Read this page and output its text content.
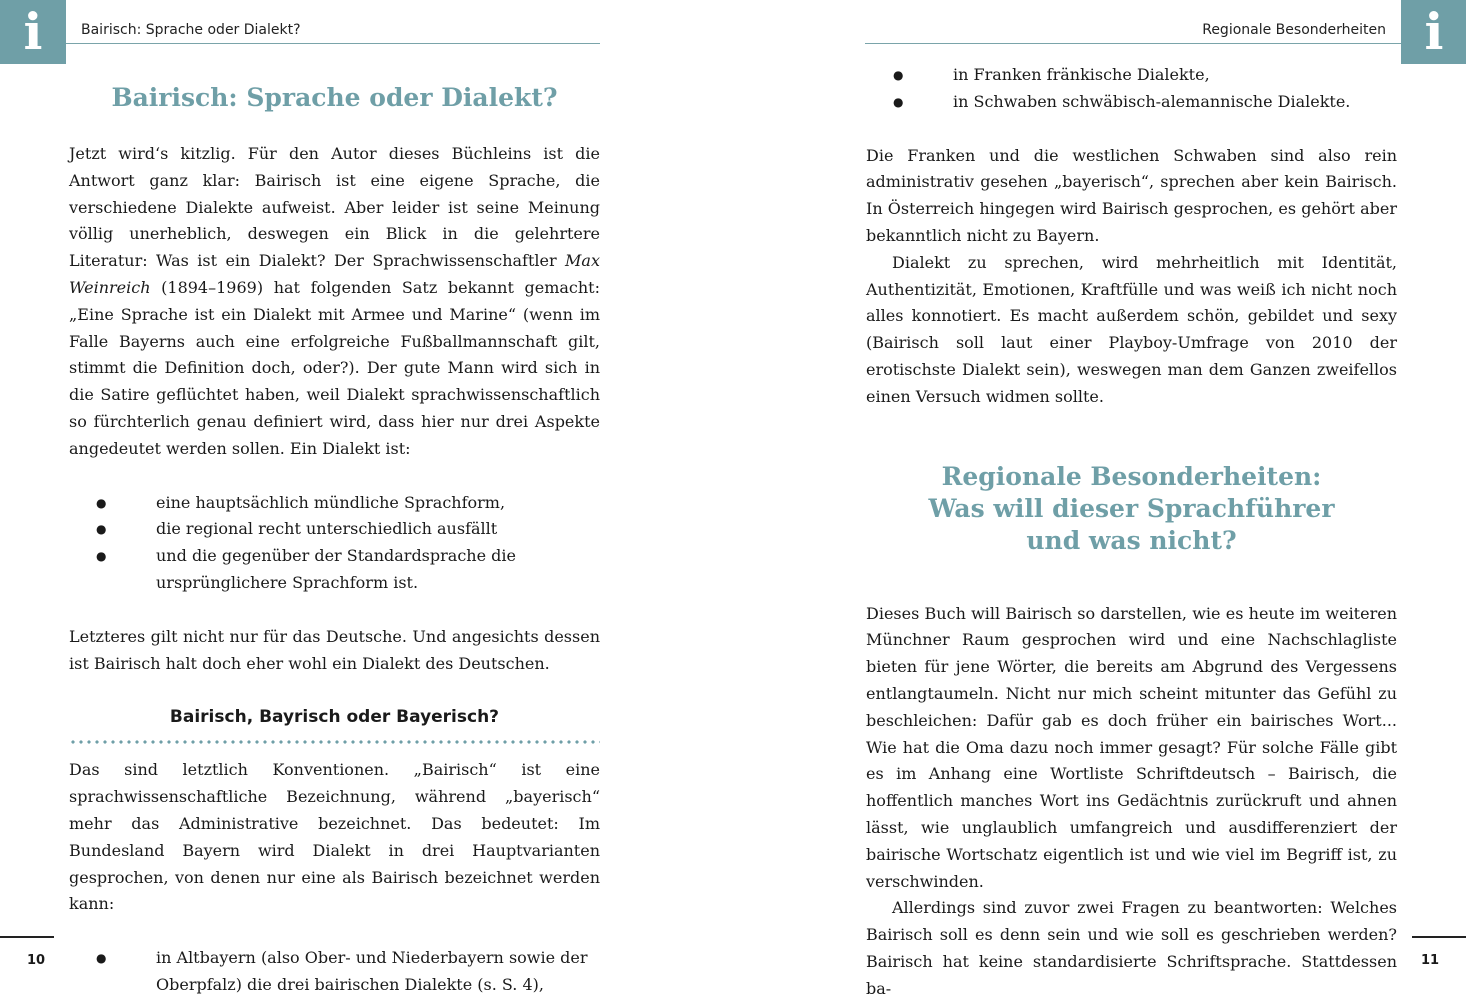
i	Bairisch: Sprache oder Dialekt?
Bairisch: Sprache oder Dialekt?

Jetzt wird‘s kitzlig. Für den Autor dieses Büchleins ist die Antwort ganz klar: Bairisch ist eine eigene Sprache, die verschiedene Dialekte aufweist. Aber leider ist seine Meinung völlig unerheblich, deswegen ein Blick in die gelehrtere Literatur: Was ist ein Dialekt? Der Sprachwissenschaftler Max Weinreich (1894–1969) hat folgenden Satz bekannt gemacht: „Eine Sprache ist ein Dialekt mit Armee und Marine“ (wenn im Falle Bayerns auch eine erfolgreiche Fußballmannschaft gilt, stimmt die Definition doch, oder?). Der gute Mann wird sich in die Satire geflüchtet haben, weil Dialekt sprachwissenschaftlich so fürchterlich genau definiert wird, dass hier nur drei Aspekte angedeutet werden sollen. Ein Dialekt ist:

●	eine hauptsächlich mündliche Sprachform,
●	die regional recht unterschiedlich ausfällt
●	und die gegenüber der Standardsprache die ursprünglichere Sprachform ist.

Letzteres gilt nicht nur für das Deutsche. Und angesichts dessen ist Bairisch halt doch eher wohl ein Dialekt des Deutschen.

Bairisch, Bayrisch oder Bayerisch?

Das sind letztlich Konventionen. „Bairisch“ ist eine sprachwissenschaftliche Bezeichnung, während „bayerisch“ mehr das Administrative bezeichnet. Das bedeutet: Im Bundesland Bayern wird Dialekt in drei Hauptvarianten gesprochen, von denen nur eine als Bairisch bezeichnet werden kann:

●	in Altbayern (also Ober- und Niederbayern sowie der Oberpfalz) die drei bairischen Dialekte (s. S. 4),
10
i
Regionale Besonderheiten
●	in Franken fränkische Dialekte,
●	in Schwaben schwäbisch-alemannische Dialekte.

Die Franken und die westlichen Schwaben sind also rein administrativ gesehen „bayerisch“, sprechen aber kein Bairisch. In Österreich hingegen wird Bairisch gesprochen, es gehört aber bekanntlich nicht zu Bayern.

Dialekt zu sprechen, wird mehrheitlich mit Identität, Authentizität, Emotionen, Kraftfülle und was weiß ich nicht noch alles konnotiert. Es macht außerdem schön, gebildet und sexy (Bairisch soll laut einer Playboy-Umfrage von 2010 der erotischste Dialekt sein), weswegen man dem Ganzen zweifellos einen Versuch widmen sollte.

Regionale Besonderheiten:
Was will dieser Sprachführer
und was nicht?

Dieses Buch will Bairisch so darstellen, wie es heute im weiteren Münchner Raum gesprochen wird und eine Nachschlagliste bieten für jene Wörter, die bereits am Abgrund des Vergessens entlangtaumeln. Nicht nur mich scheint mitunter das Gefühl zu beschleichen: Dafür gab es doch früher ein bairisches Wort... Wie hat die Oma dazu noch immer gesagt? Für solche Fälle gibt es im Anhang eine Wortliste Schriftdeutsch – Bairisch, die hoffentlich manches Wort ins Gedächtnis zurückruft und ahnen lässt, wie unglaublich umfangreich und ausdifferenziert der bairische Wortschatz eigentlich ist und wie viel im Begriff ist, zu verschwinden.

Allerdings sind zuvor zwei Fragen zu beantworten: Welches Bairisch soll es denn sein und wie soll es geschrieben werden? Bairisch hat keine standardisierte Schriftsprache. Stattdessen ba-

11
